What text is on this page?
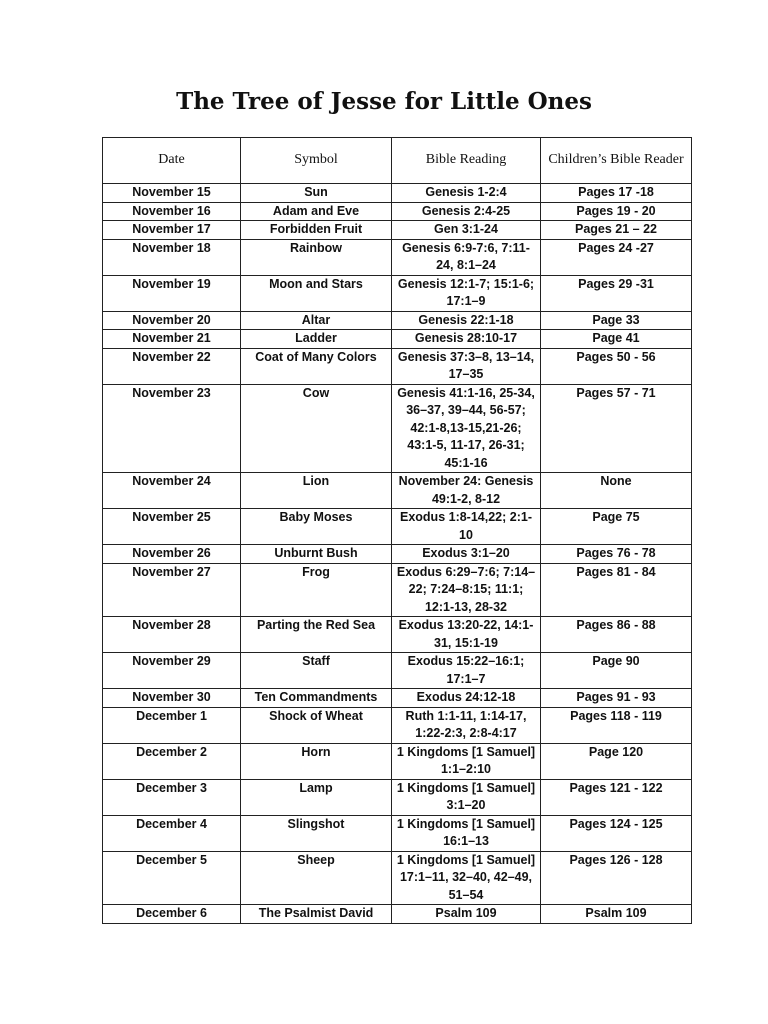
The Tree of Jesse for Little Ones
Date	Symbol	Bible Reading	Children’s Bible Reader
November 15	Sun	Genesis 1-2:4	Pages 17 -18
November 16	Adam and Eve	Genesis 2:4-25	Pages 19 - 20
November 17	Forbidden Fruit	Gen 3:1-24	Pages 21 – 22
November 18	Rainbow	Genesis 6:9-7:6, 7:11-24, 8:1–24	Pages 24 -27
November 19	Moon and Stars	Genesis 12:1-7; 15:1-6; 17:1–9	Pages 29 -31
November 20	Altar	Genesis 22:1-18	Page 33
November 21	Ladder	Genesis 28:10-17	Page 41
November 22	Coat of Many Colors	Genesis 37:3–8, 13–14, 17–35	Pages 50 - 56
November 23	Cow	Genesis 41:1-16, 25-34, 36–37, 39–44, 56-57; 42:1-8,13-15,21-26; 43:1-5, 11-17, 26-31; 45:1-16	Pages 57 - 71
November 24	Lion	November 24: Genesis 49:1-2, 8-12	None
November 25	Baby Moses	Exodus 1:8-14,22; 2:1-10	Page 75
November 26	Unburnt Bush	Exodus 3:1–20	Pages 76 - 78
November 27	Frog	Exodus 6:29–7:6; 7:14–22; 7:24–8:15; 11:1; 12:1-13, 28-32	Pages 81 - 84
November 28	Parting the Red Sea	Exodus 13:20-22, 14:1-31, 15:1-19	Pages 86 - 88
November 29	Staff	Exodus 15:22–16:1; 17:1–7	Page 90
November 30	Ten Commandments	Exodus 24:12-18	Pages 91 - 93
December 1	Shock of Wheat	Ruth 1:1-11, 1:14-17, 1:22-2:3, 2:8-4:17	Pages 118 - 119
December 2	Horn	1 Kingdoms [1 Samuel] 1:1–2:10	Page 120
December 3	Lamp	1 Kingdoms [1 Samuel] 3:1–20	Pages 121 - 122
December 4	Slingshot	1 Kingdoms [1 Samuel] 16:1–13	Pages 124 - 125
December 5	Sheep	1 Kingdoms [1 Samuel] 17:1–11, 32–40, 42–49, 51–54	Pages 126 - 128
December 6	The Psalmist David	Psalm 109	Psalm 109
